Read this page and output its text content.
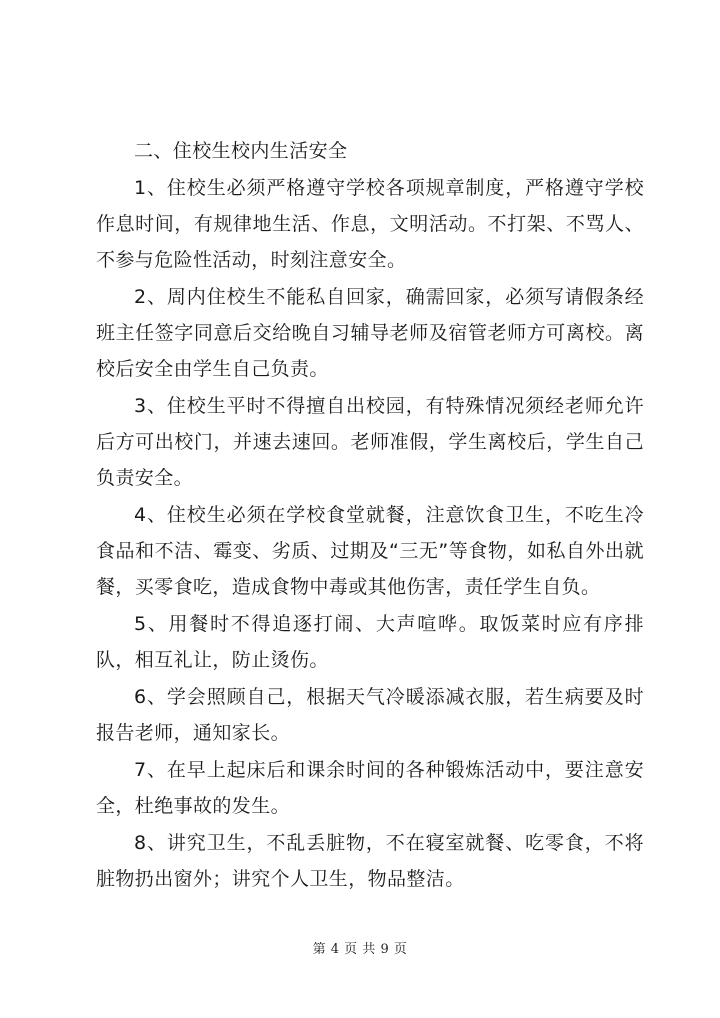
二、住校生校内生活安全

1、住校生必须严格遵守学校各项规章制度，严格遵守学校作息时间，有规律地生活、作息，文明活动。不打架、不骂人、不参与危险性活动，时刻注意安全。

2、周内住校生不能私自回家，确需回家，必须写请假条经班主任签字同意后交给晚自习辅导老师及宿管老师方可离校。离校后安全由学生自己负责。

3、住校生平时不得擅自出校园，有特殊情况须经老师允许后方可出校门，并速去速回。老师准假，学生离校后，学生自己负责安全。

4、住校生必须在学校食堂就餐，注意饮食卫生，不吃生冷食品和不洁、霉变、劣质、过期及“三无”等食物，如私自外出就餐，买零食吃，造成食物中毒或其他伤害，责任学生自负。

5、用餐时不得追逐打闹、大声喧哗。取饭菜时应有序排队，相互礼让，防止烫伤。

6、学会照顾自己，根据天气冷暖添减衣服，若生病要及时报告老师，通知家长。

7、在早上起床后和课余时间的各种锻炼活动中，要注意安全，杜绝事故的发生。

8、讲究卫生，不乱丢脏物，不在寝室就餐、吃零食，不将脏物扔出窗外；讲究个人卫生，物品整洁。

第 4 页 共 9 页
